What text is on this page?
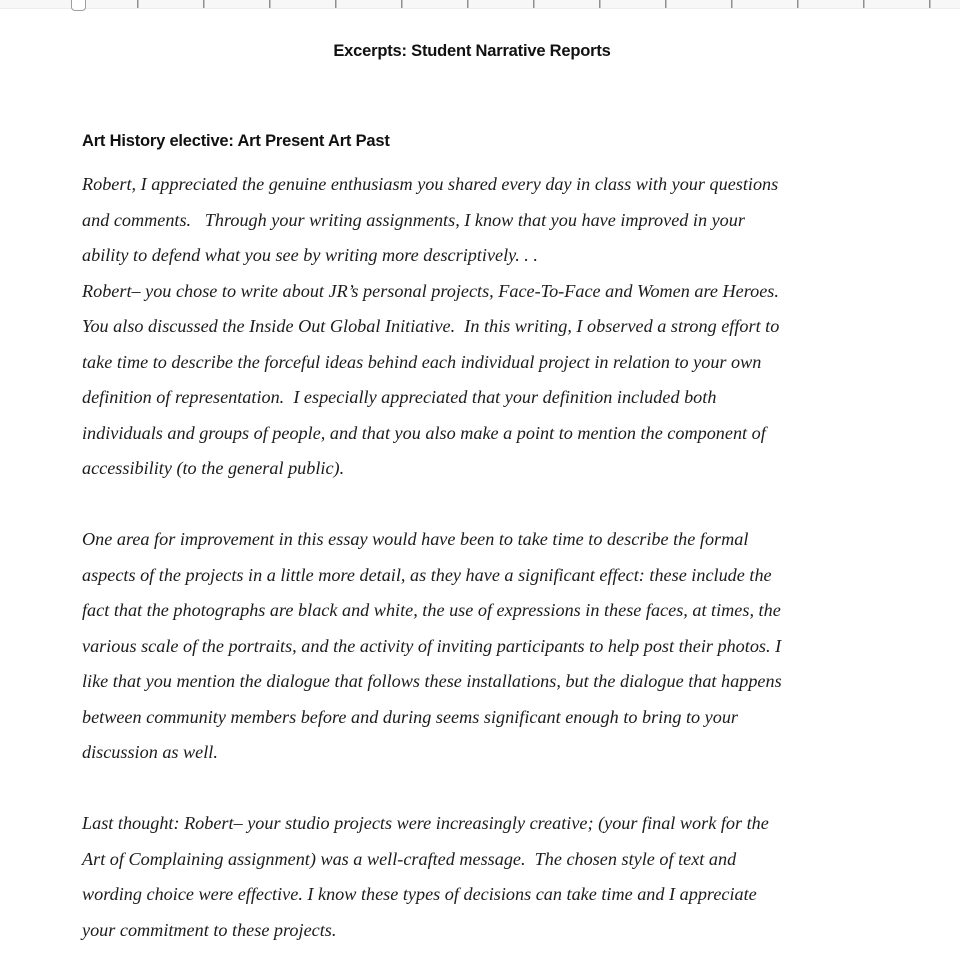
Excerpts: Student Narrative Reports
Art History elective: Art Present Art Past
Robert, I appreciated the genuine enthusiasm you shared every day in class with your questions
and comments.   Through your writing assignments, I know that you have improved in your
ability to defend what you see by writing more descriptively. . .
Robert– you chose to write about JR’s personal projects, Face-To-Face and Women are Heroes.
You also discussed the Inside Out Global Initiative.  In this writing, I observed a strong effort to
take time to describe the forceful ideas behind each individual project in relation to your own
definition of representation.  I especially appreciated that your definition included both
individuals and groups of people, and that you also make a point to mention the component of
accessibility (to the general public).
One area for improvement in this essay would have been to take time to describe the formal
aspects of the projects in a little more detail, as they have a significant effect: these include the
fact that the photographs are black and white, the use of expressions in these faces, at times, the
various scale of the portraits, and the activity of inviting participants to help post their photos. I
like that you mention the dialogue that follows these installations, but the dialogue that happens
between community members before and during seems significant enough to bring to your
discussion as well.
Last thought: Robert– your studio projects were increasingly creative; (your final work for the
Art of Complaining assignment) was a well-crafted message.  The chosen style of text and
wording choice were effective. I know these types of decisions can take time and I appreciate
your commitment to these projects.
